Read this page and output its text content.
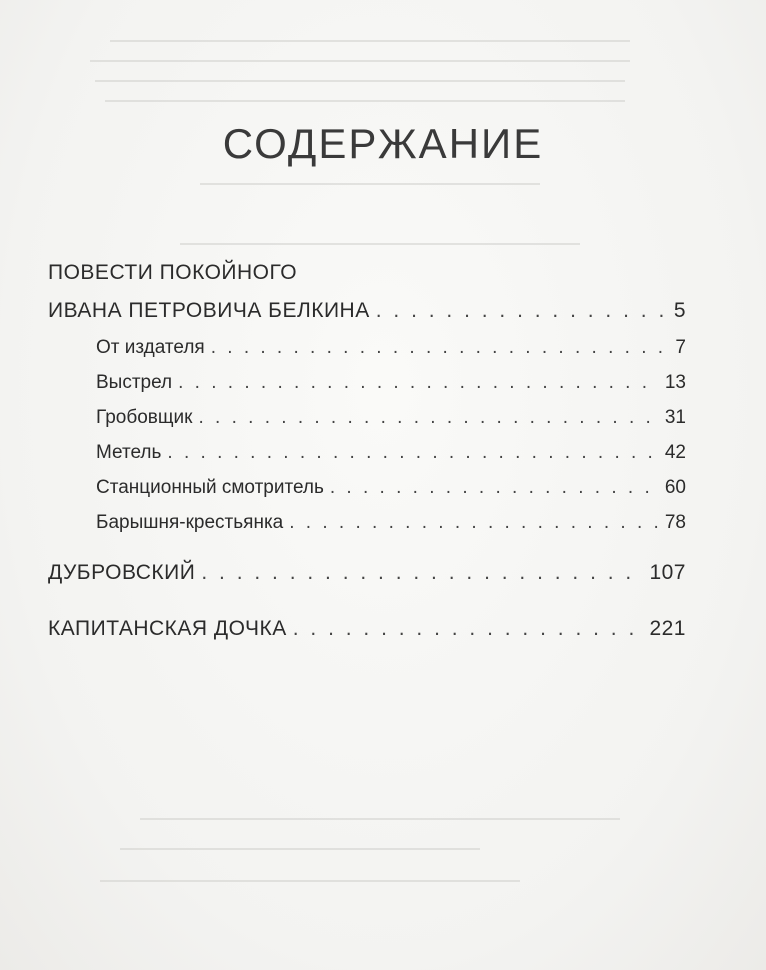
СОДЕРЖАНИЕ
ПОВЕСТИ ПОКОЙНОГО
ИВАНА ПЕТРОВИЧА БЕЛКИНА . . .	5
От издателя . . .	7
Выстрел . . .	13
Гробовщик . . .	31
Метель . . .	42
Станционный смотритель . . .	60
Барышня-крестьянка . . .	78
ДУБРОВСКИЙ . . .	107
КАПИТАНСКАЯ ДОЧКА . . .	221
